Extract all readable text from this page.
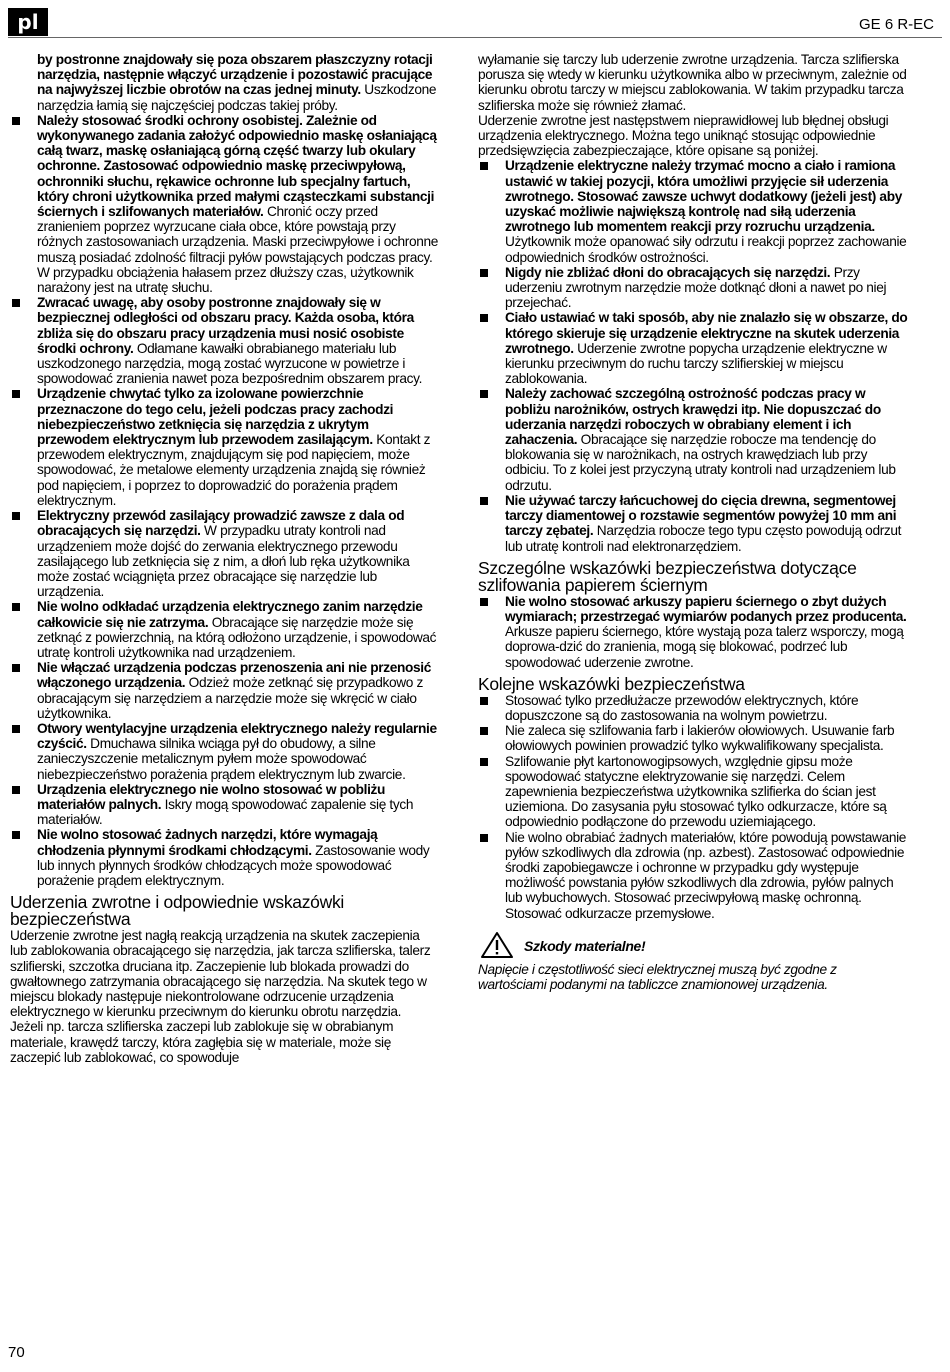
pl	GE 6 R-EC

by postronne znajdowały się poza obszarem płaszczyzny rotacji narzędzia, następnie włączyć urządzenie i pozostawić pracujące na najwyższej liczbie obrotów na czas jednej minuty. Uszkodzone narzędzia łamią się najczęściej podczas takiej próby.

Należy stosować środki ochrony osobistej. Zależnie od wykonywanego zadania założyć odpowiednio maskę osłaniającą całą twarz, maskę osłaniającą górną część twarzy lub okulary ochronne. Zastosować odpowiednio maskę przeciwpyłową, ochronniki słuchu, rękawice ochronne lub specjalny fartuch, który chroni użytkownika przed małymi cząsteczkami substancji ściernych i szlifowanych materiałów. Chronić oczy przed zranieniem poprzez wyrzucane ciała obce, które powstają przy różnych zastosowaniach urządzenia. Maski przeciwpyłowe i ochronne muszą posiadać zdolność filtracji pyłów powstających podczas pracy. W przypadku obciążenia hałasem przez dłuższy czas, użytkownik narażony jest na utratę słuchu.

Zwracać uwagę, aby osoby postronne znajdowały się w bezpiecznej odległości od obszaru pracy. Każda osoba, która zbliża się do obszaru pracy urządzenia musi nosić osobiste środki ochrony. Odłamane kawałki obrabianego materiału lub uszkodzonego narzędzia, mogą zostać wyrzucone w powietrze i spowodować zranienia nawet poza bezpośrednim obszarem pracy.

Urządzenie chwytać tylko za izolowane powierzchnie przeznaczone do tego celu, jeżeli podczas pracy zachodzi niebezpieczeństwo zetknięcia się narzędzia z ukrytym przewodem elektrycznym lub przewodem zasilającym. Kontakt z przewodem elektrycznym, znajdującym się pod napięciem, może spowodować, że metalowe elementy urządzenia znajdą się również pod napięciem, i poprzez to doprowadzić do porażenia prądem elektrycznym.

Elektryczny przewód zasilający prowadzić zawsze z dala od obracających się narzędzi. W przypadku utraty kontroli nad urządzeniem może dojść do zerwania elektrycznego przewodu zasilającego lub zetknięcia się z nim, a dłoń lub ręka użytkownika może zostać wciągnięta przez obracające się narzędzie lub urządzenia.

Nie wolno odkładać urządzenia elektrycznego zanim narzędzie całkowicie się nie zatrzyma. Obracające się narzędzie może się zetknąć z powierzchnią, na którą odłożono urządzenie, i spowodować utratę kontroli użytkownika nad urządzeniem.

Nie włączać urządzenia podczas przenoszenia ani nie przenosić włączonego urządzenia. Odzież może zetknąć się przypadkowo z obracającym się narzędziem a narzędzie może się wkręcić w ciało użytkownika.

Otwory wentylacyjne urządzenia elektrycznego należy regularnie czyścić. Dmuchawa silnika wciąga pył do obudowy, a silne zanieczyszczenie metalicznym pyłem może spowodować niebezpieczeństwo porażenia prądem elektrycznym lub zwarcie.

Urządzenia elektrycznego nie wolno stosować w pobliżu materiałów palnych. Iskry mogą spowodować zapalenie się tych materiałów.

Nie wolno stosować żadnych narzędzi, które wymagają chłodzenia płynnymi środkami chłodzącymi. Zastosowanie wody lub innych płynnych środków chłodzących może spowodować porażenie prądem elektrycznym.

Uderzenia zwrotne i odpowiednie wskazówki bezpieczeństwa

Uderzenie zwrotne jest nagłą reakcją urządzenia na skutek zaczepienia lub zablokowania obracającego się narzędzia, jak tarcza szlifierska, talerz szlifierski, szczotka druciana itp. Zaczepienie lub blokada prowadzi do gwałtownego zatrzymania obracającego się narzędzia. Na skutek tego w miejscu blokady następuje niekontrolowane odrzucenie urządzenia elektrycznego w kierunku przeciwnym do kierunku obrotu narzędzia.

Jeżeli np. tarcza szlifierska zaczepi lub zablokuje się w obrabianym materiale, krawędź tarczy, która zagłębia się w materiale, może się zaczepić lub zablokować, co spowoduje

wyłamanie się tarczy lub uderzenie zwrotne urządzenia. Tarcza szlifierska porusza się wtedy w kierunku użytkownika albo w przeciwnym, zależnie od kierunku obrotu tarczy w miejscu zablokowania. W takim przypadku tarcza szlifierska może się również złamać.

Uderzenie zwrotne jest następstwem nieprawidłowej lub błędnej obsługi urządzenia elektrycznego. Można tego uniknąć stosując odpowiednie przedsięwzięcia zabezpieczające, które opisane są poniżej.

Urządzenie elektryczne należy trzymać mocno a ciało i ramiona ustawić w takiej pozycji, która umożliwi przyjęcie sił uderzenia zwrotnego. Stosować zawsze uchwyt dodatkowy (jeżeli jest) aby uzyskać możliwie największą kontrolę nad siłą uderzenia zwrotnego lub momentem reakcji przy rozruchu urządzenia. Użytkownik może opanować siły odrzutu i reakcji poprzez zachowanie odpowiednich środków ostrożności.

Nigdy nie zbliżać dłoni do obracających się narzędzi. Przy uderzeniu zwrotnym narzędzie może dotknąć dłoni a nawet po niej przejechać.

Ciało ustawiać w taki sposób, aby nie znalazło się w obszarze, do którego skieruje się urządzenie elektryczne na skutek uderzenia zwrotnego. Uderzenie zwrotne popycha urządzenie elektryczne w kierunku przeciwnym do ruchu tarczy szlifierskiej w miejscu zablokowania.

Należy zachować szczególną ostrożność podczas pracy w pobliżu narożników, ostrych krawędzi itp. Nie dopuszczać do uderzania narzędzi roboczych w obrabiany element i ich zahaczenia. Obracające się narzędzie robocze ma tendencję do blokowania się w narożnikach, na ostrych krawędziach lub przy odbiciu. To z kolei jest przyczyną utraty kontroli nad urządzeniem lub odrzutu.

Nie używać tarczy łańcuchowej do cięcia drewna, segmentowej tarczy diamentowej o rozstawie segmentów powyżej 10 mm ani tarczy zębatej. Narzędzia robocze tego typu często powodują odrzut lub utratę kontroli nad elektronarzędziem.

Szczególne wskazówki bezpieczeństwa dotyczące szlifowania papierem ściernym

Nie wolno stosować arkuszy papieru ściernego o zbyt dużych wymiarach; przestrzegać wymiarów podanych przez producenta. Arkusze papieru ściernego, które wystają poza talerz wsporczy, mogą doprowa-dzić do zranienia, mogą się blokować, podrzeć lub spowodować uderzenie zwrotne.

Kolejne wskazówki bezpieczeństwa

Stosować tylko przedłużacze przewodów elektrycznych, które dopuszczone są do zastosowania na wolnym powietrzu.

Nie zaleca się szlifowania farb i lakierów ołowiowych. Usuwanie farb ołowiowych powinien prowadzić tylko wykwalifikowany specjalista.

Szlifowanie płyt kartonowogipsowych, względnie gipsu może spowodować statyczne elektryzowanie się narzędzi. Celem zapewnienia bezpieczeństwa użytkownika szlifierka do ścian jest uziemiona. Do zasysania pyłu stosować tylko odkurzacze, które są odpowiednio podłączone do przewodu uziemiającego.

Nie wolno obrabiać żadnych materiałów, które powodują powstawanie pyłów szkodliwych dla zdrowia (np. azbest). Zastosować odpowiednie środki zapobiegawcze i ochronne w przypadku gdy występuje możliwość powstania pyłów szkodliwych dla zdrowia, pyłów palnych lub wybuchowych. Stosować przeciwpyłową maskę ochronną. Stosować odkurzacze przemysłowe.

Szkody materialne!

Napięcie i częstotliwość sieci elektrycznej muszą być zgodne z wartościami podanymi na tabliczce znamionowej urządzenia.

70
